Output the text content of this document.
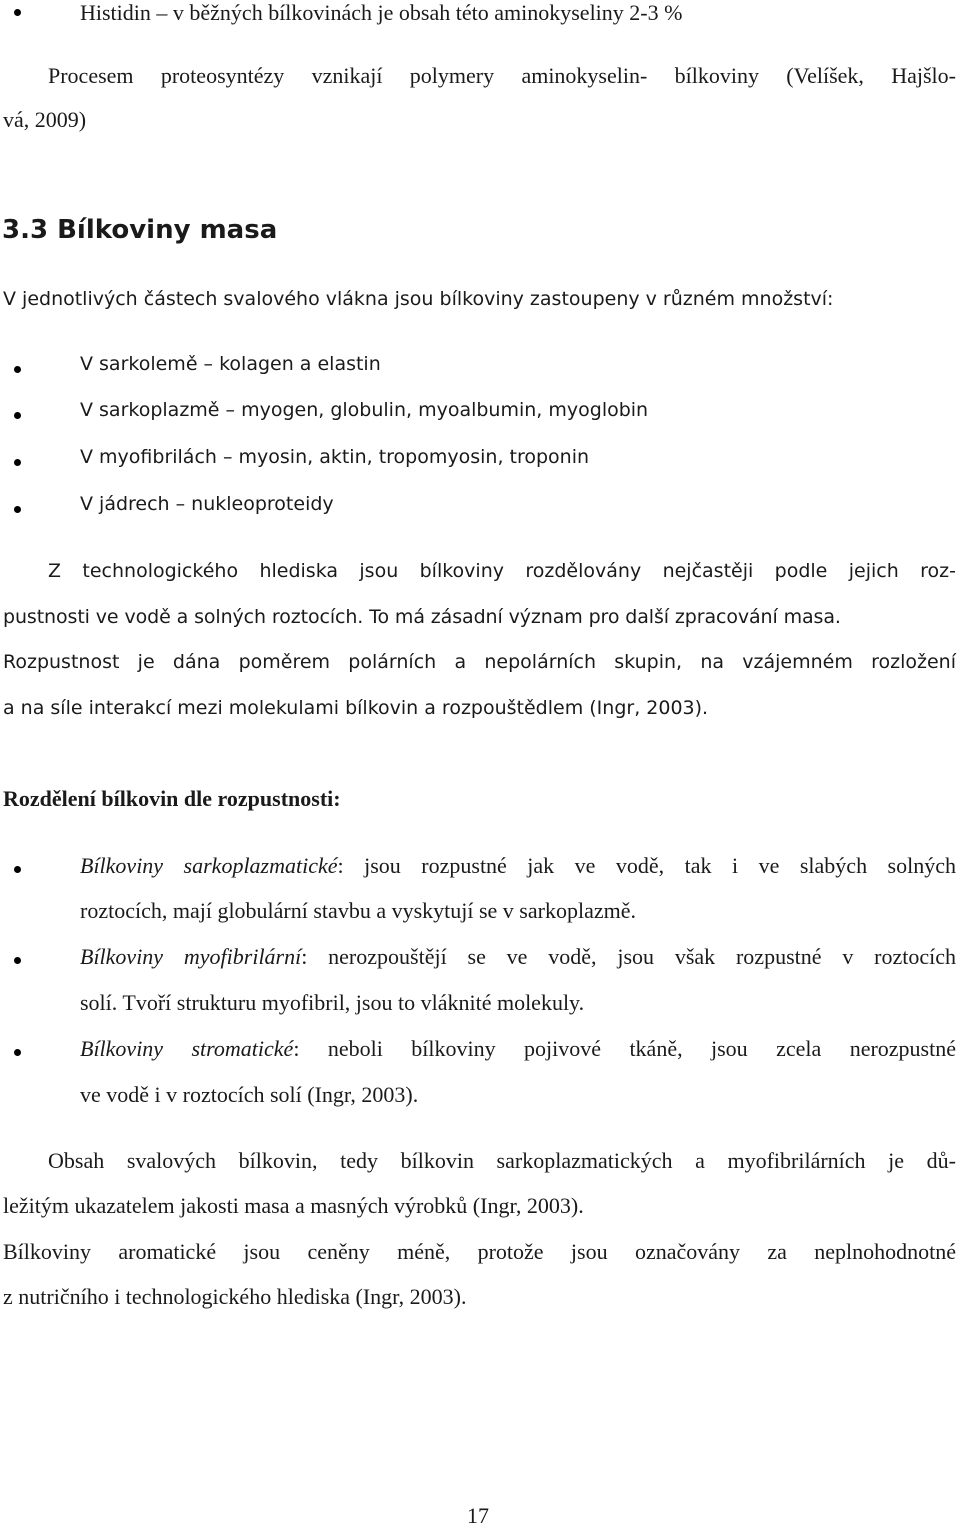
Histidin – v běžných bílkovinách je obsah této aminokyseliny 2-3 %
Procesem proteosyntézy vznikají polymery aminokyselin- bílkoviny (Velíšek, Hajšlo-
vá, 2009)
3.3 Bílkoviny masa
V jednotlivých částech svalového vlákna jsou bílkoviny zastoupeny v různém množství:
V sarkolemě – kolagen a elastin
V sarkoplazmě – myogen, globulin, myoalbumin, myoglobin
V myofibrilách – myosin, aktin, tropomyosin, troponin
V jádrech – nukleoproteidy
Z technologického hlediska jsou bílkoviny rozdělovány nejčastěji podle jejich roz-
pustnosti ve vodě a solných roztocích. To má zásadní význam pro další zpracování masa.
Rozpustnost je dána poměrem polárních a nepolárních skupin, na vzájemném rozložení
a na síle interakcí mezi molekulami bílkovin a rozpouštědlem (Ingr, 2003).
Rozdělení bílkovin dle rozpustnosti:
Bílkoviny sarkoplazmatické: jsou rozpustné jak ve vodě, tak i ve slabých solných
roztocích, mají globulární stavbu a vyskytují se v sarkoplazmě.
Bílkoviny myofibrilární: nerozpouštějí se ve vodě, jsou však rozpustné v roztocích
solí. Tvoří strukturu myofibril, jsou to vláknité molekuly.
Bílkoviny stromatické: neboli bílkoviny pojivové tkáně, jsou zcela nerozpustné
ve vodě i v roztocích solí (Ingr, 2003).
Obsah svalových bílkovin, tedy bílkovin sarkoplazmatických a myofibrilárních je dů-
ležitým ukazatelem jakosti masa a masných výrobků (Ingr, 2003).
Bílkoviny aromatické jsou ceněny méně, protože jsou označovány za neplnohodnotné
z nutričního i technologického hlediska (Ingr, 2003).
17
